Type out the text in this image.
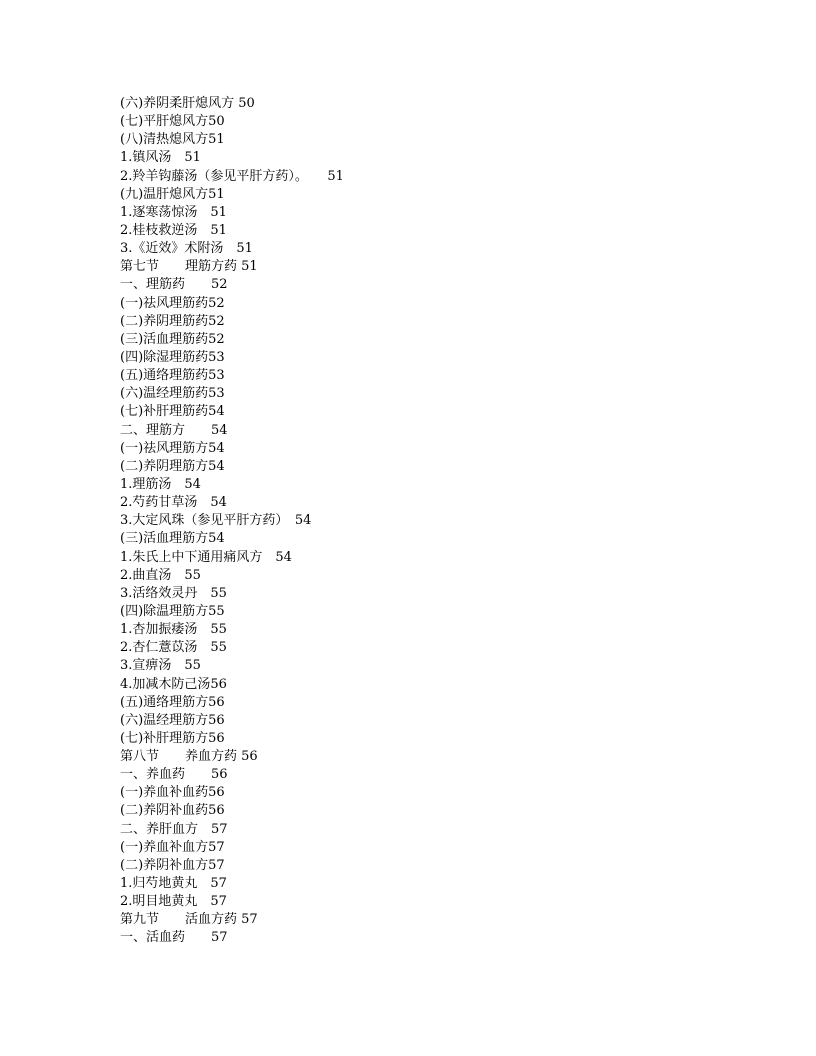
(六)养阴柔肝熄风方 50
(七)平肝熄风方50
(八)清热熄风方51
1.镇风汤　51
2.羚羊钩藤汤（参见平肝方药）。　　51
(九)温肝熄风方51
1.逐寒荡惊汤　51
2.桂枝救逆汤　51
3.《近效》术附汤　51
第七节　　理筋方药 51
一、理筋药　　52
(一)祛风理筋药52
(二)养阴理筋药52
(三)活血理筋药52
(四)除湿理筋药53
(五)通络理筋药53
(六)温经理筋药53
(七)补肝理筋药54
二、理筋方　　54
(一)祛风理筋方54
(二)养阴理筋方54
1.理筋汤　54
2.芍药甘草汤　54
3.大定风珠（参见平肝方药）　54
(三)活血理筋方54
1.朱氏上中下通用痛风方　54
2.曲直汤　55
3.活络效灵丹　55
(四)除温理筋方55
1.杏加振痿汤　55
2.杏仁薏苡汤　55
3.宣痹汤　55
4.加减木防己汤56
(五)通络理筋方56
(六)温经理筋方56
(七)补肝理筋方56
第八节　　养血方药 56
一、养血药　　56
(一)养血补血药56
(二)养阴补血药56
二、养肝血方　57
(一)养血补血方57
(二)养阴补血方57
1.归芍地黄丸　57
2.明目地黄丸　57
第九节　　活血方药 57
一、活血药　　57
